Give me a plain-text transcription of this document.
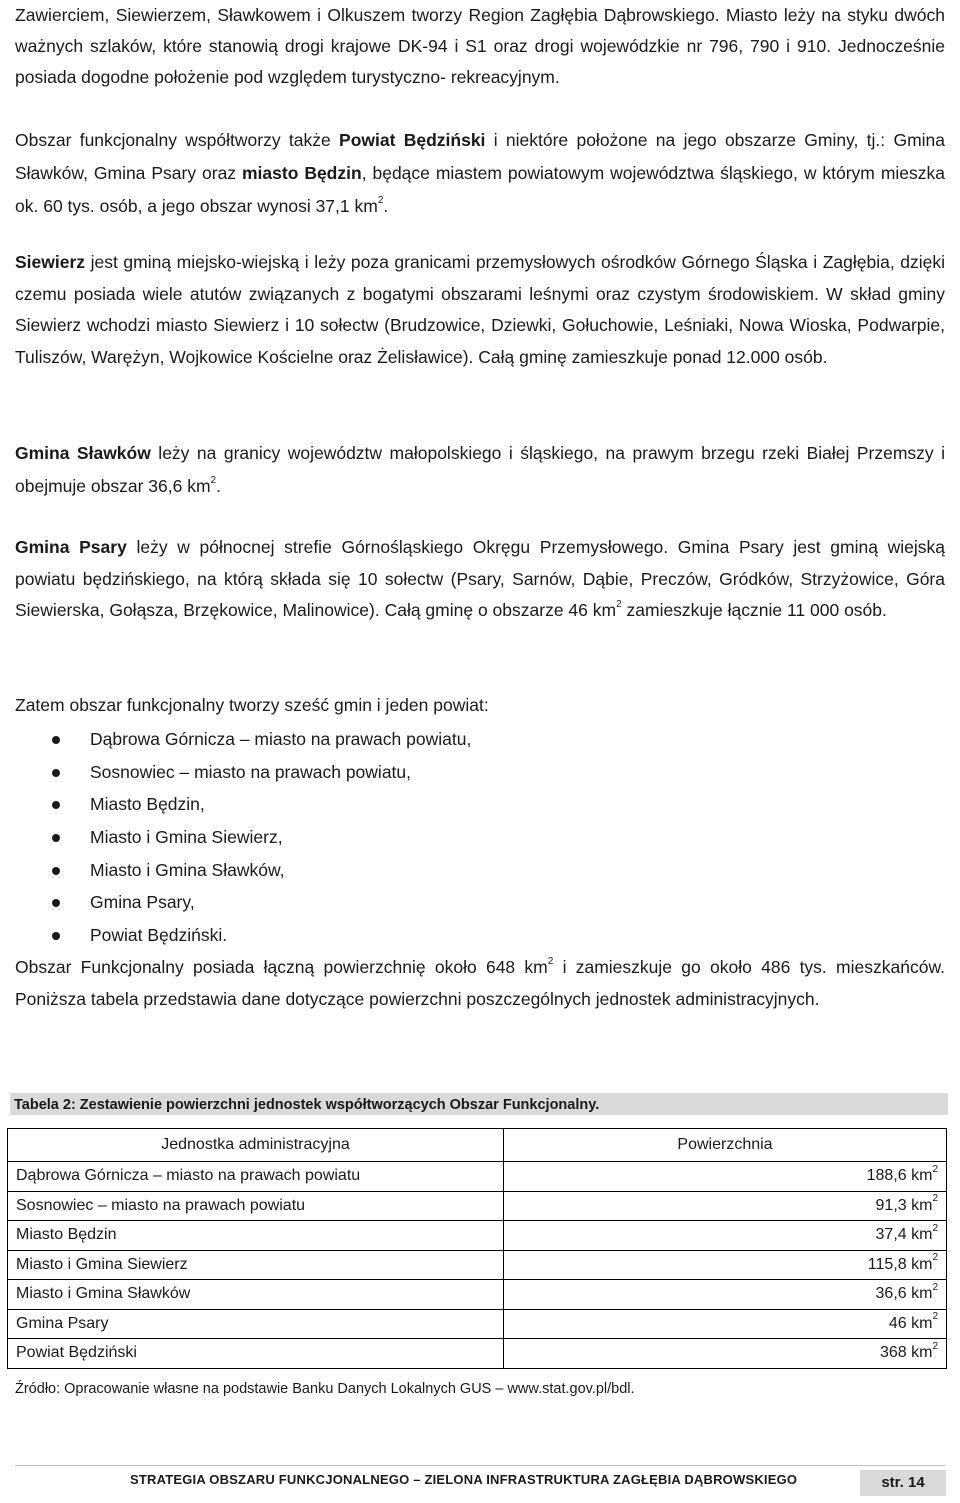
Zawierciem, Siewierzem, Sławkowem i Olkuszem tworzy Region Zagłębia Dąbrowskiego. Miasto leży na styku dwóch ważnych szlaków, które stanowią drogi krajowe DK-94 i S1 oraz drogi wojewódzkie nr 796, 790 i 910. Jednocześnie posiada dogodne położenie pod względem turystyczno- rekreacyjnym.

Obszar funkcjonalny współtworzy także Powiat Będziński i niektóre położone na jego obszarze Gminy, tj.: Gmina Sławków, Gmina Psary oraz miasto Będzin, będące miastem powiatowym województwa śląskiego, w którym mieszka ok. 60 tys. osób, a jego obszar wynosi 37,1 $km^2$.

Siewierz jest gminą miejsko-wiejską i leży poza granicami przemysłowych ośrodków Górnego Śląska i Zagłębia, dzięki czemu posiada wiele atutów związanych z bogatymi obszarami leśnymi oraz czystym środowiskiem. W skład gminy Siewierz wchodzi miasto Siewierz i 10 sołectw (Brudzowice, Dziewki, Gołuchowie, Leśniaki, Nowa Wioska, Podwarpie, Tuliszów, Warężyn, Wojkowice Kościelne oraz Żelisławice). Całą gminę zamieszkuje ponad 12.000 osób.

Gmina Sławków leży na granicy województw małopolskiego i śląskiego, na prawym brzegu rzeki Białej Przemszy i obejmuje obszar 36,6 $km^2$.

Gmina Psary leży w północnej strefie Górnośląskiego Okręgu Przemysłowego. Gmina Psary jest gminą wiejską powiatu będzińskiego, na którą składa się 10 sołectw (Psary, Sarnów, Dąbie, Preczów, Gródków, Strzyżowice, Góra Siewierska, Gołąsza, Brzękowice, Malinowice). Całą gminę o obszarze 46 $km^2$ zamieszkuje łącznie 11 000 osób.

Zatem obszar funkcjonalny tworzy sześć gmin i jeden powiat:

Dąbrowa Górnicza – miasto na prawach powiatu,
Sosnowiec – miasto na prawach powiatu,
Miasto Będzin,
Miasto i Gmina Siewierz,
Miasto i Gmina Sławków,
Gmina Psary,
Powiat Będziński.

Obszar Funkcjonalny posiada łączną powierzchnię około 648 $km^2$ i zamieszkuje go około 486 tys. mieszkańców. Poniższa tabela przedstawia dane dotyczące powierzchni poszczególnych jednostek administracyjnych.

Tabela 2: Zestawienie powierzchni jednostek współtworzących Obszar Funkcjonalny.
Jednostka administracyjna	Powierzchnia
Dąbrowa Górnicza – miasto na prawach powiatu	188,6 $km^2$
Sosnowiec – miasto na prawach powiatu	91,3 $km^2$
Miasto Będzin	37,4 $km^2$
Miasto i Gmina Siewierz	115,8 $km^2$
Miasto i Gmina Sławków	36,6 $km^2$
Gmina Psary	46 $km^2$
Powiat Będziński	368 $km^2$
Źródło: Opracowanie własne na podstawie Banku Danych Lokalnych GUS – www.stat.gov.pl/bdl.
STRATEGIA OBSZARU FUNKCJONALNEGO – ZIELONA INFRASTRUKTURA ZAGŁĘBIA DĄBROWSKIEGO	str. 14
